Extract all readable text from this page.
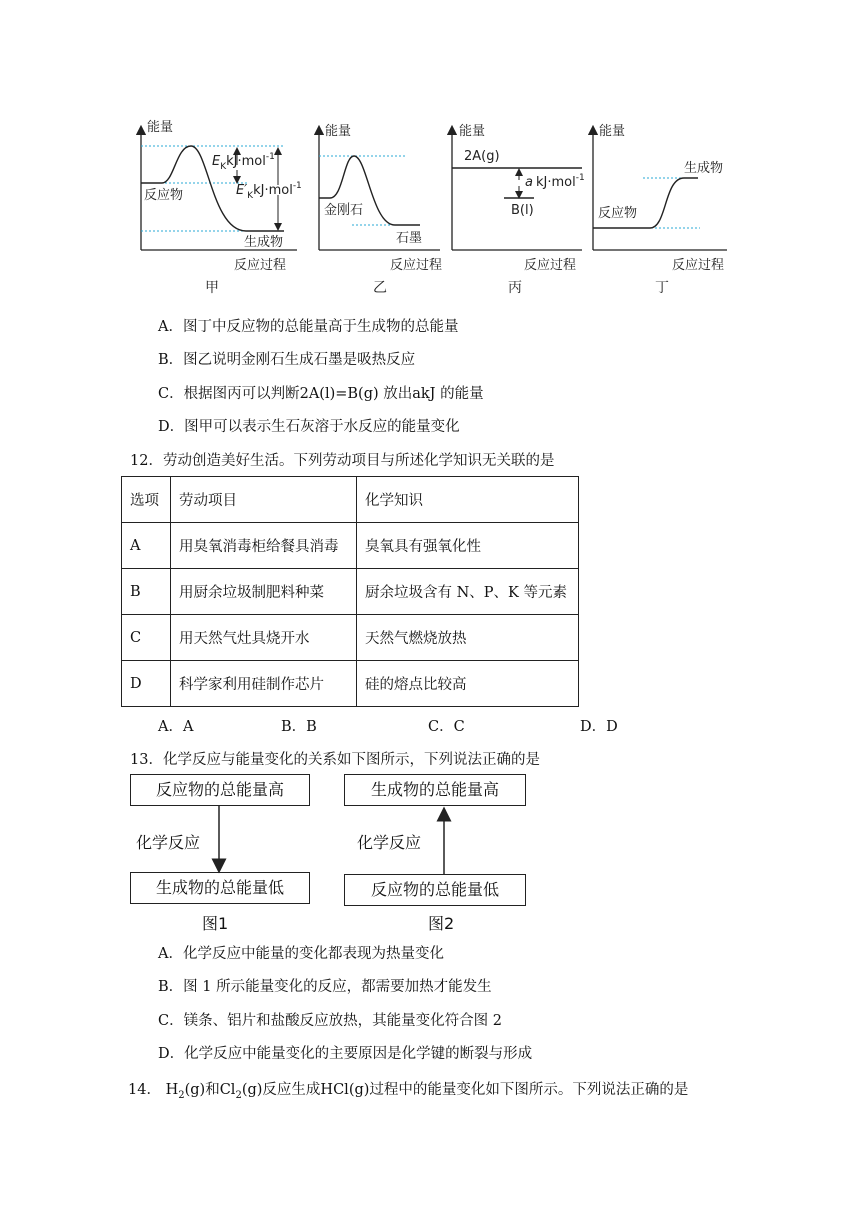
能量
反应过程
$E_KkJ\cdot mol^{-1}$
$E'_KkJ\cdot mol^{-1}$
反应物
生成物
能量
反应过程
金刚石
石墨
能量
反应过程
2A(g)
B(l)
a kJ·mol$^{-1}$
能量
反应过程
反应物
生成物
甲	乙	丙	丁
A．图丁中反应物的总能量高于生成物的总能量
B．图乙说明金刚石生成石墨是吸热反应
C．根据图丙可以判断2A(l)=B(g) 放出akJ 的能量
D．图甲可以表示生石灰溶于水反应的能量变化
12．劳动创造美好生活。下列劳动项目与所述化学知识无关联的是
选项	劳动项目	化学知识
A	用臭氧消毒柜给餐具消毒	臭氧具有强氧化性
B	用厨余垃圾制肥料种菜	厨余垃圾含有 N、P、K 等元素
C	用天然气灶具烧开水	天然气燃烧放热
D	科学家利用硅制作芯片	硅的熔点比较高
A．A	B．B	C．C	D．D
13．化学反应与能量变化的关系如下图所示，下列说法正确的是
反应物的总能量高
生成物的总能量低
生成物的总能量高
反应物的总能量低
化学反应	化学反应
图1	图2
A．化学反应中能量的变化都表现为热量变化
B．图 1 所示能量变化的反应，都需要加热才能发生
C．镁条、铝片和盐酸反应放热，其能量变化符合图 2
D．化学反应中能量变化的主要原因是化学键的断裂与形成
14． $H_2(g)$和$Cl_2(g)$反应生成HCl(g)过程中的能量变化如下图所示。下列说法正确的是
